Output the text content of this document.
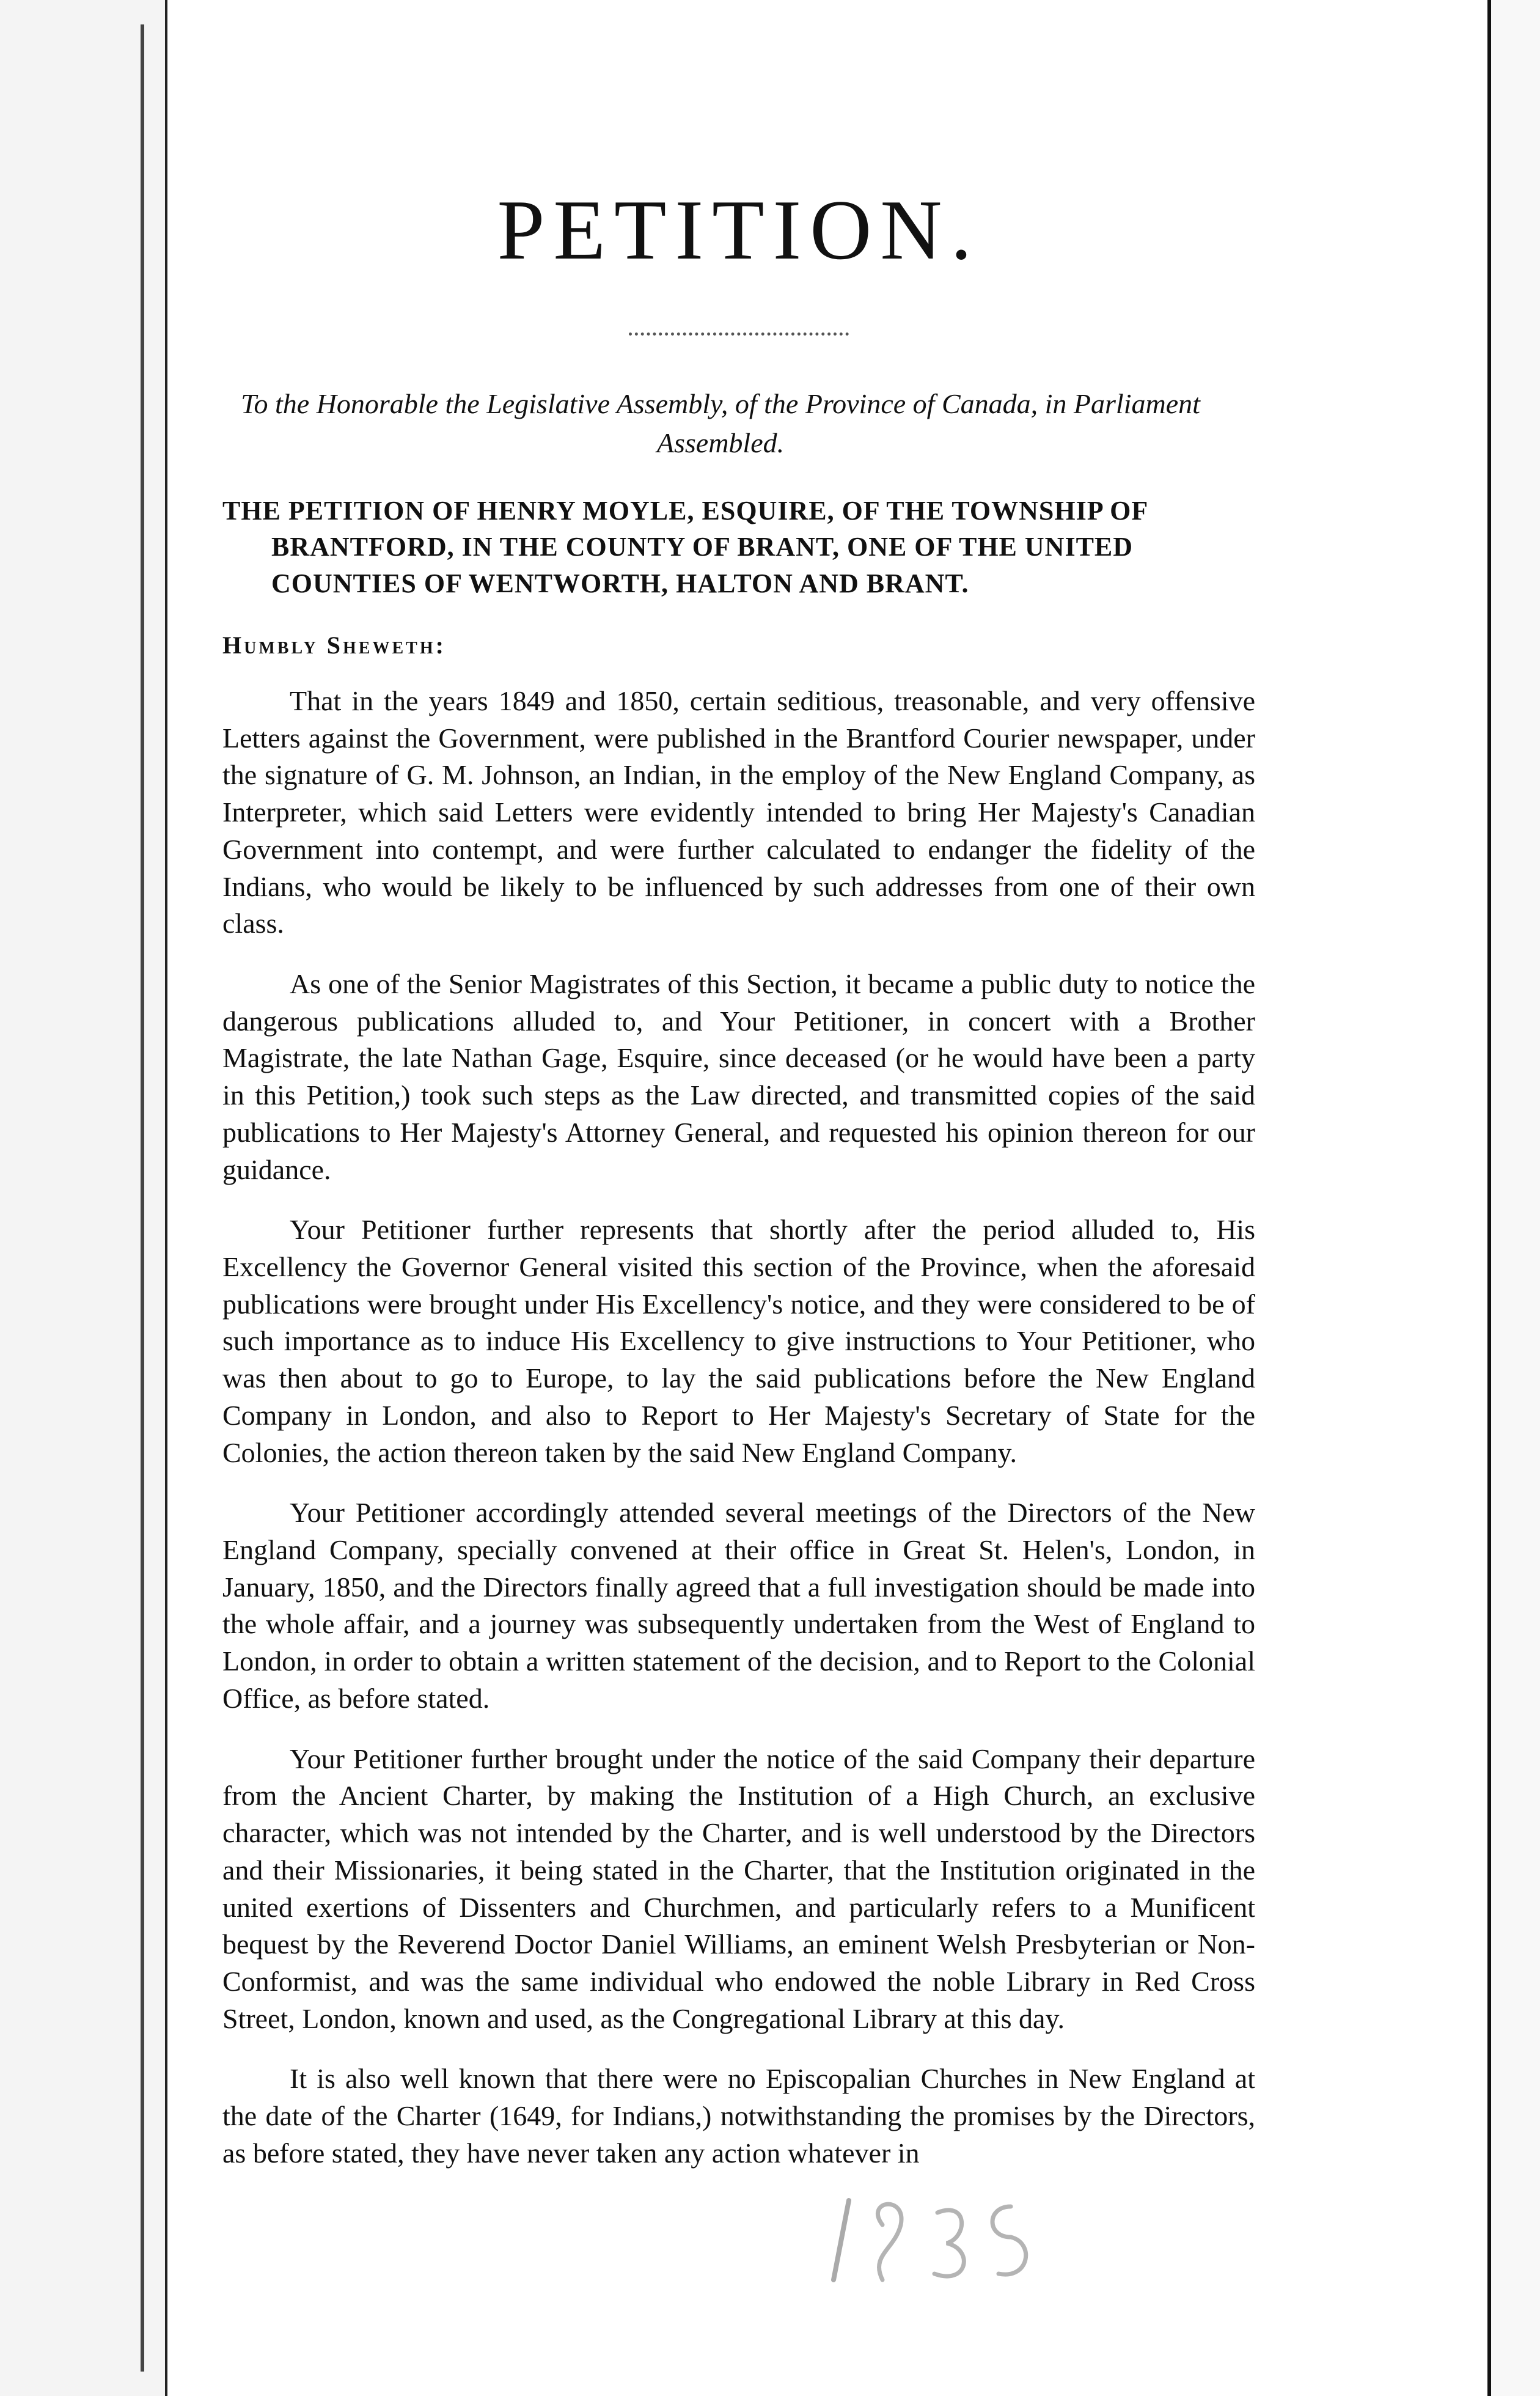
PETITION.

To the Honorable the Legislative Assembly, of the Province of Canada, in Parliament Assembled.

THE PETITION OF HENRY MOYLE, ESQUIRE, OF THE TOWNSHIP OF BRANTFORD, IN THE COUNTY OF BRANT, ONE OF THE UNITED COUNTIES OF WENTWORTH, HALTON AND BRANT.

Humbly Sheweth:

That in the years 1849 and 1850, certain seditious, treasonable, and very offensive Letters against the Government, were published in the Brantford Courier newspaper, under the signature of G. M. Johnson, an Indian, in the employ of the New England Company, as Interpreter, which said Letters were evidently intended to bring Her Majesty's Canadian Government into contempt, and were further calculated to endanger the fidelity of the Indians, who would be likely to be influenced by such addresses from one of their own class.

As one of the Senior Magistrates of this Section, it became a public duty to notice the dangerous publications alluded to, and Your Petitioner, in concert with a Brother Magistrate, the late Nathan Gage, Esquire, since deceased (or he would have been a party in this Petition,) took such steps as the Law directed, and transmitted copies of the said publications to Her Majesty's Attorney General, and requested his opinion thereon for our guidance.

Your Petitioner further represents that shortly after the period alluded to, His Excellency the Governor General visited this section of the Province, when the aforesaid publications were brought under His Excellency's notice, and they were considered to be of such importance as to induce His Excellency to give instructions to Your Petitioner, who was then about to go to Europe, to lay the said publications before the New England Company in London, and also to Report to Her Majesty's Secretary of State for the Colonies, the action thereon taken by the said New England Company.

Your Petitioner accordingly attended several meetings of the Directors of the New England Company, specially convened at their office in Great St. Helen's, London, in January, 1850, and the Directors finally agreed that a full investigation should be made into the whole affair, and a journey was subsequently undertaken from the West of England to London, in order to obtain a written statement of the decision, and to Report to the Colonial Office, as before stated.

Your Petitioner further brought under the notice of the said Company their departure from the Ancient Charter, by making the Institution of a High Church, an exclusive character, which was not intended by the Charter, and is well understood by the Directors and their Missionaries, it being stated in the Charter, that the Institution originated in the united exertions of Dissenters and Churchmen, and particularly refers to a Munificent bequest by the Reverend Doctor Daniel Williams, an eminent Welsh Presbyterian or Non-Conformist, and was the same individual who endowed the noble Library in Red Cross Street, London, known and used, as the Congregational Library at this day.

It is also well known that there were no Episcopalian Churches in New England at the date of the Charter (1649, for Indians,) notwithstanding the promises by the Directors, as before stated, they have never taken any action whatever in
